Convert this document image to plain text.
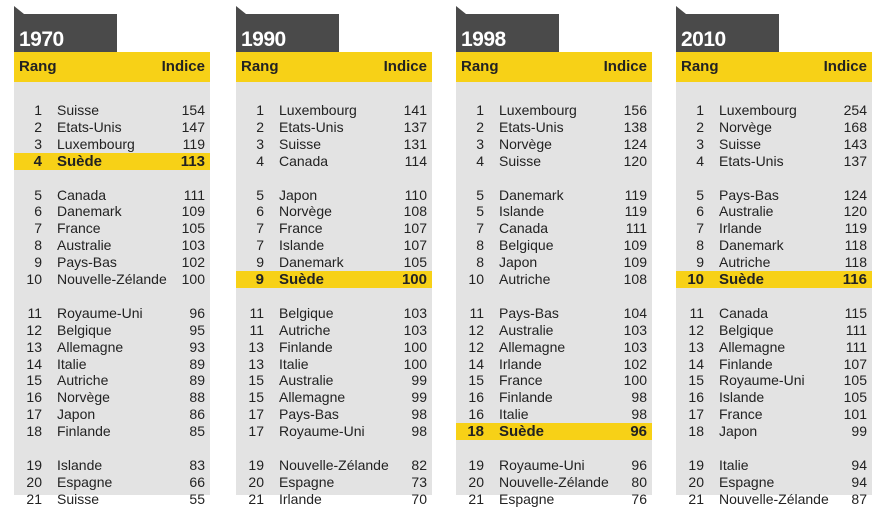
1970
Rang	Indice
1 Suisse	154
2 Etats-Unis	147
3 Luxembourg	119
4 Suède	113
5 Canada	111
6 Danemark	109
7 France	105
8 Australie	103
9 Pays-Bas	102
10 Nouvelle-Zélande 100
11 Royaume-Uni	96
12 Belgique	95
13 Allemagne	93
14 Italie	89
15 Autriche	89
16 Norvège	88
17 Japon	86
18 Finlande	85
19 Islande	83
20 Espagne	66
21 Suisse	55
1990
Rang	Indice
1 Luxembourg	141
2 Etats-Unis	137
3 Suisse	131
4 Canada	114
5 Japon	110
6 Norvège	108
7 France	107
7 Islande	107
9 Danemark	105
9 Suède	100
11 Belgique	103
11 Autriche	103
13 Finlande	100
13 Italie	100
15 Australie	99
15 Allemagne	99
17 Pays-Bas	98
17 Royaume-Uni	98
19 Nouvelle-Zélande 82
20 Espagne	73
21 Irlande	70
1998
Rang	Indice
1 Luxembourg	156
2 Etats-Unis	138
3 Norvège	124
4 Suisse	120
5 Danemark	119
5 Islande	119
7 Canada	111
8 Belgique	109
8 Japon	109
10 Autriche	108
11 Pays-Bas	104
12 Australie	103
12 Allemagne	103
14 Irlande	102
15 France	100
16 Finlande	98
16 Italie	98
18 Suède	96
19 Royaume-Uni	96
20 Nouvelle-Zélande 80
21 Espagne	76
2010
Rang	Indice
1 Luxembourg	254
2 Norvège	168
3 Suisse	143
4 Etats-Unis	137
5 Pays-Bas	124
6 Australie	120
7 Irlande	119
8 Danemark	118
9 Autriche	118
10 Suède	116
11 Canada	115
12 Belgique	111
13 Allemagne	111
14 Finlande	107
15 Royaume-Uni	105
16 Islande	105
17 France	101
18 Japon	99
19 Italie	94
20 Espagne	94
21 Nouvelle-Zélande 87
